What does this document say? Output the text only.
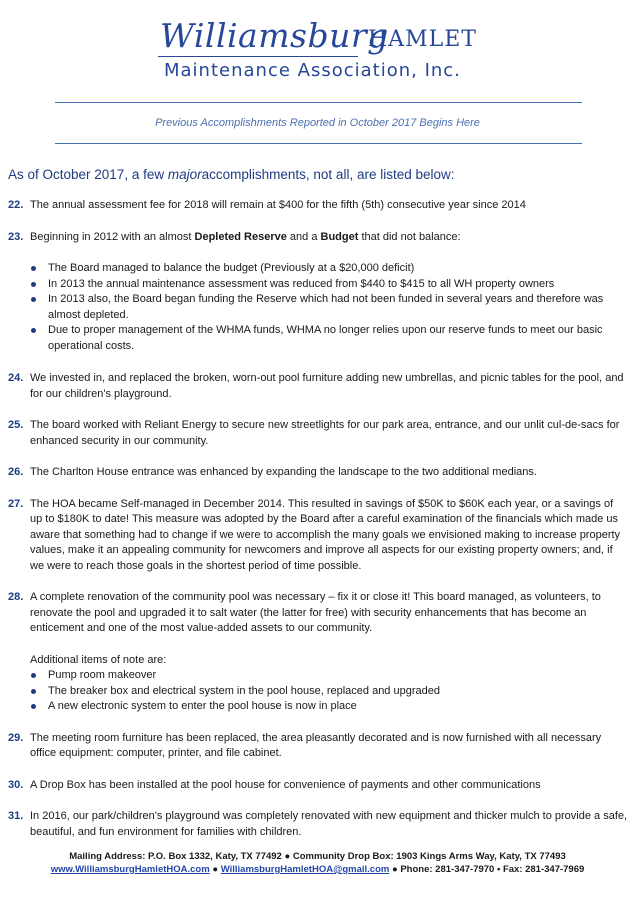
Williamsburg
HAMLET
Maintenance Association, Inc.
Previous Accomplishments Reported in October 2017 Begins Here
As of October 2017, a few majoraccomplishments, not all, are listed below:
22. The annual assessment fee for 2018 will remain at $400 for the fifth (5th) consecutive year since 2014
23. Beginning in 2012 with an almost Depleted Reserve and a Budget that did not balance:
The Board managed to balance the budget (Previously at a $20,000 deficit)
In 2013 the annual maintenance assessment was reduced from $440 to $415 to all WH property owners
In 2013 also, the Board began funding the Reserve which had not been funded in several years and therefore was almost depleted.
Due to proper management of the WHMA funds, WHMA no longer relies upon our reserve funds to meet our basic operational costs.
24. We invested in, and replaced the broken, worn-out pool furniture adding new umbrellas, and picnic tables for the pool, and for our children's playground.
25. The board worked with Reliant Energy to secure new streetlights for our park area, entrance, and our unlit cul-de-sacs for enhanced security in our community.
26. The Charlton House entrance was enhanced by expanding the landscape to the two additional medians.
27. The HOA became Self-managed in December 2014. This resulted in savings of $50K to $60K each year, or a savings of up to $180K to date! This measure was adopted by the Board after a careful examination of the financials which made us aware that something had to change if we were to accomplish the many goals we envisioned making to increase property values, make it an appealing community for newcomers and improve all aspects for our existing property owners; and, if we were to reach those goals in the shortest period of time possible.
28. A complete renovation of the community pool was necessary – fix it or close it! This board managed, as volunteers, to renovate the pool and upgraded it to salt water (the latter for free) with security enhancements that has become an enticement and one of the most value-added assets to our community.
Additional items of note are:
Pump room makeover
The breaker box and electrical system in the pool house, replaced and upgraded
A new electronic system to enter the pool house is now in place
29. The meeting room furniture has been replaced, the area pleasantly decorated and is now furnished with all necessary office equipment: computer, printer, and file cabinet.
30. A Drop Box has been installed at the pool house for convenience of payments and other communications
31. In 2016, our park/children's playground was completely renovated with new equipment and thicker mulch to provide a safe, beautiful, and fun environment for families with children.
Mailing Address: P.O. Box 1332, Katy, TX 77492 ● Community Drop Box: 1903 Kings Arms Way, Katy, TX 77493
www.WilliamsburgHamletHOA.com ● WilliamsburgHamletHOA@gmail.com ● Phone: 281-347-7970 • Fax: 281-347-7969
